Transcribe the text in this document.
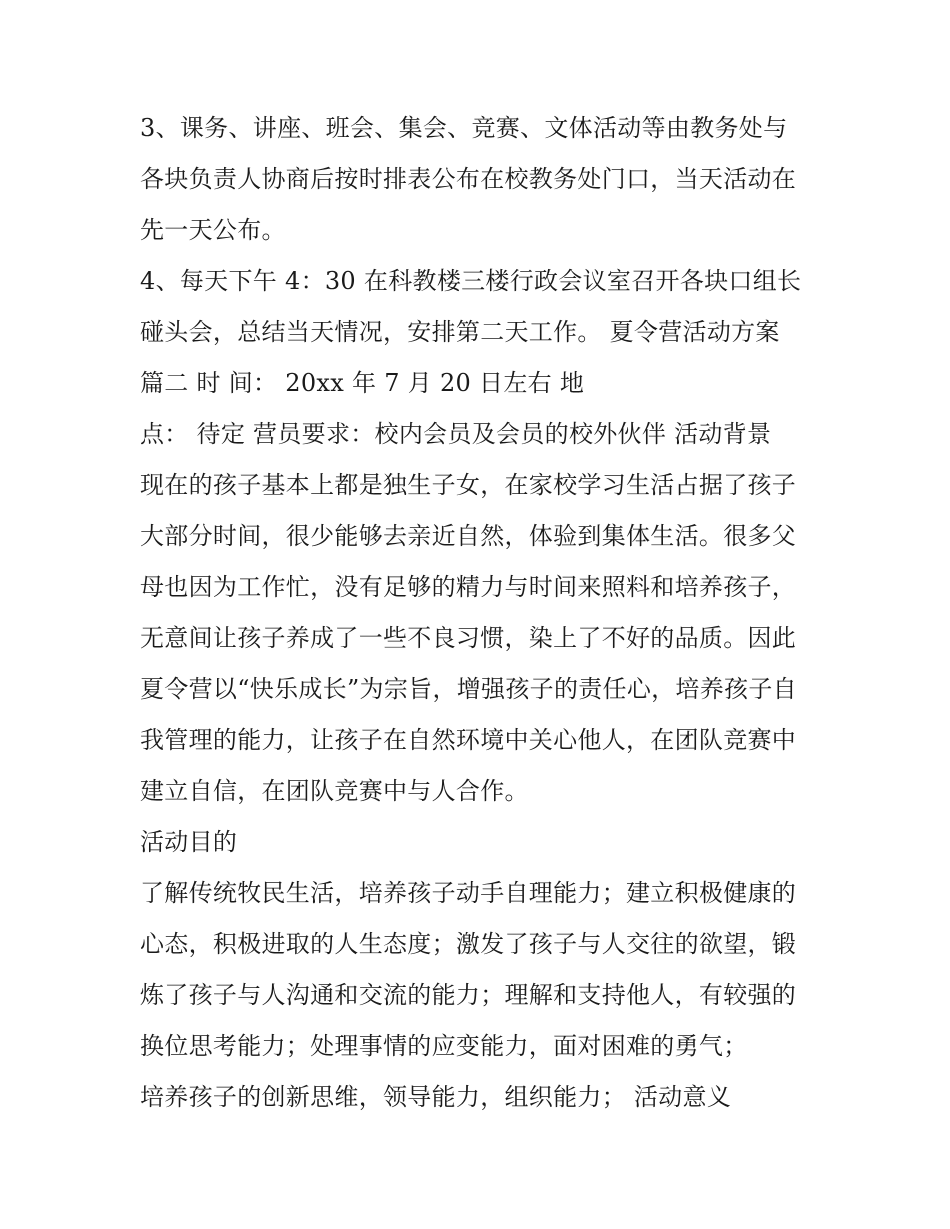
3、课务、讲座、班会、集会、竞赛、文体活动等由教务处与
各块负责人协商后按时排表公布在校教务处门口，当天活动在
先一天公布。
4、每天下午 4：30 在科教楼三楼行政会议室召开各块口组长
碰头会，总结当天情况，安排第二天工作。 夏令营活动方案
篇二 时 间： 20xx 年 7 月 20 日左右 地
点： 待定 营员要求：校内会员及会员的校外伙伴 活动背景
现在的孩子基本上都是独生子女，在家校学习生活占据了孩子
大部分时间，很少能够去亲近自然，体验到集体生活。很多父
母也因为工作忙，没有足够的精力与时间来照料和培养孩子，
无意间让孩子养成了一些不良习惯，染上了不好的品质。因此
夏令营以“快乐成长”为宗旨，增强孩子的责任心，培养孩子自
我管理的能力，让孩子在自然环境中关心他人，在团队竞赛中
建立自信，在团队竞赛中与人合作。
活动目的
了解传统牧民生活，培养孩子动手自理能力；建立积极健康的
心态，积极进取的人生态度；激发了孩子与人交往的欲望，锻
炼了孩子与人沟通和交流的能力；理解和支持他人，有较强的
换位思考能力；处理事情的应变能力，面对困难的勇气；
培养孩子的创新思维，领导能力，组织能力； 活动意义
